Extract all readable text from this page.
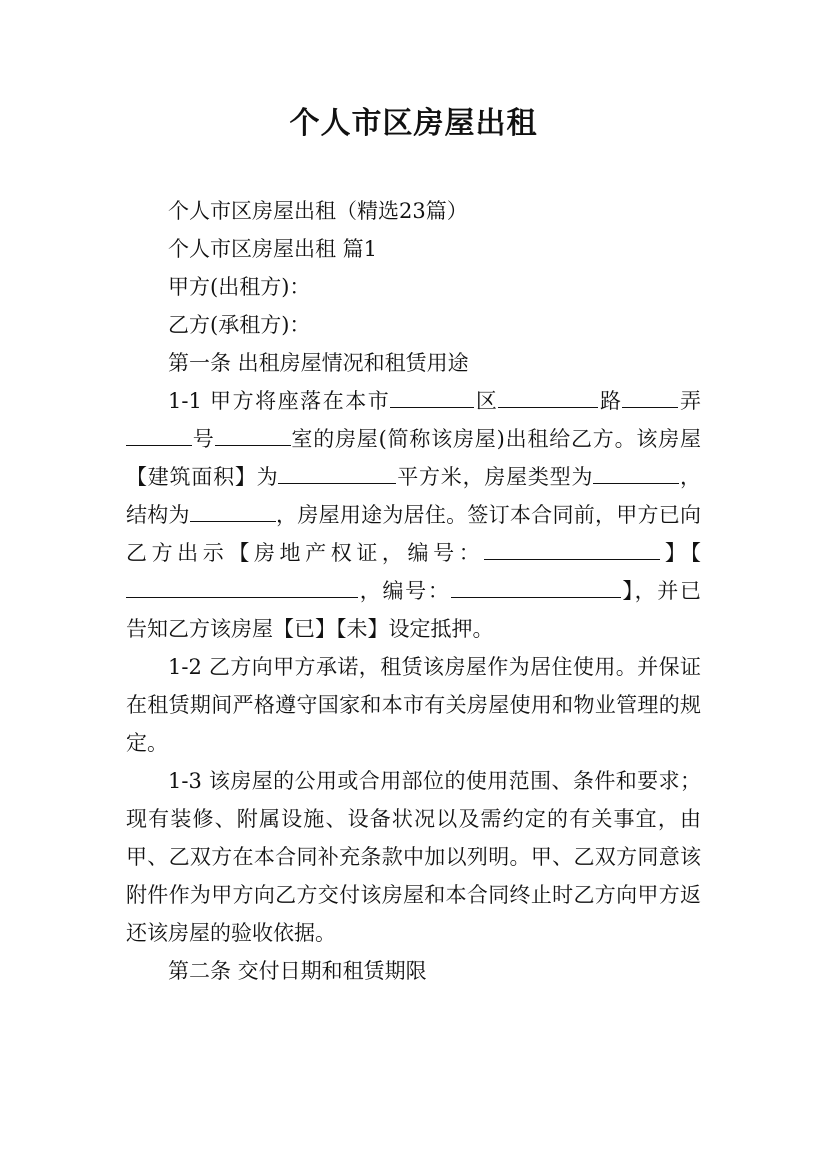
个人市区房屋出租

个人市区房屋出租（精选23篇）

个人市区房屋出租 篇1

甲方(出租方)：

乙方(承租方)：

第一条 出租房屋情况和租赁用途

1-1 甲方将座落在本市	区	路	弄号	室的房屋(简称该房屋)出租给乙方。该房屋【建筑面积】为	平方米，房屋类型为	，结构为	，房屋用途为居住。签订本合同前，甲方已向乙方出示【房地产权证，编号：	】【，编号：	】，并已告知乙方该房屋【已】【未】设定抵押。

1-2 乙方向甲方承诺，租赁该房屋作为居住使用。并保证在租赁期间严格遵守国家和本市有关房屋使用和物业管理的规定。

1-3 该房屋的公用或合用部位的使用范围、条件和要求；现有装修、附属设施、设备状况以及需约定的有关事宜，由甲、乙双方在本合同补充条款中加以列明。甲、乙双方同意该附件作为甲方向乙方交付该房屋和本合同终止时乙方向甲方返还该房屋的验收依据。

第二条 交付日期和租赁期限
